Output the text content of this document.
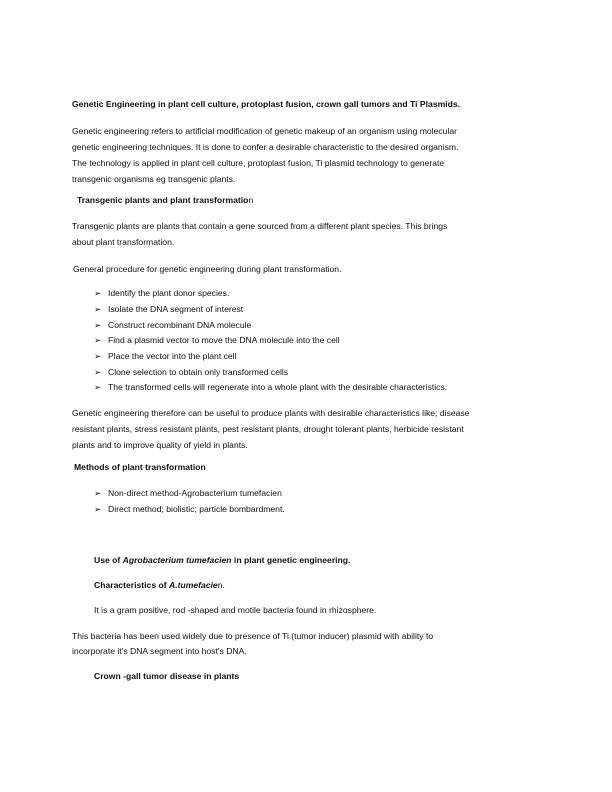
Genetic Engineering in plant cell culture, protoplast fusion, crown gall tumors and Ti Plasmids.
Genetic engineering refers to artificial modification of genetic makeup of an organism using molecular
genetic engineering techniques. It is done to confer a desirable characteristic to the desired organism.
The technology is applied in plant cell culture, protoplast fusion, Ti plasmid technology to generate
transgenic organisms eg transgenic plants.
Transgenic plants and plant transformation
Transgenic plants are plants that contain a gene sourced from a different plant species. This brings
about plant transformation.
General procedure for genetic engineering during plant transformation.
➢ Identify the plant donor species.
➢ Isolate the DNA segment of interest
➢ Construct recombinant DNA molecule
➢ Find a plasmid vector to move the DNA molecule into the cell
➢ Place the vector into the plant cell
➢ Clone selection to obtain only transformed cells
➢ The transformed cells will regenerate into a whole plant with the desirable characteristics.
Genetic engineering therefore can be useful to produce plants with desirable characteristics like; disease
resistant plants, stress resistant plants, pest resistant plants, drought tolerant plants, herbicide resistant
plants and to improve quality of yield in plants.
Methods of plant transformation
➢ Non-direct method-Agrobacterium tumefacien
➢ Direct method; biolistic; particle bombardment.
Use of Agrobacterium tumefacien in plant genetic engineering.
Characteristics of A.tumefacien.
It is a gram positive, rod -shaped and motile bacteria found in rhizosphere.
This bacteria has been used widely due to presence of Ti (tumor inducer) plasmid with ability to
incorporate it's DNA segment into host's DNA.
Crown -gall tumor disease in plants
